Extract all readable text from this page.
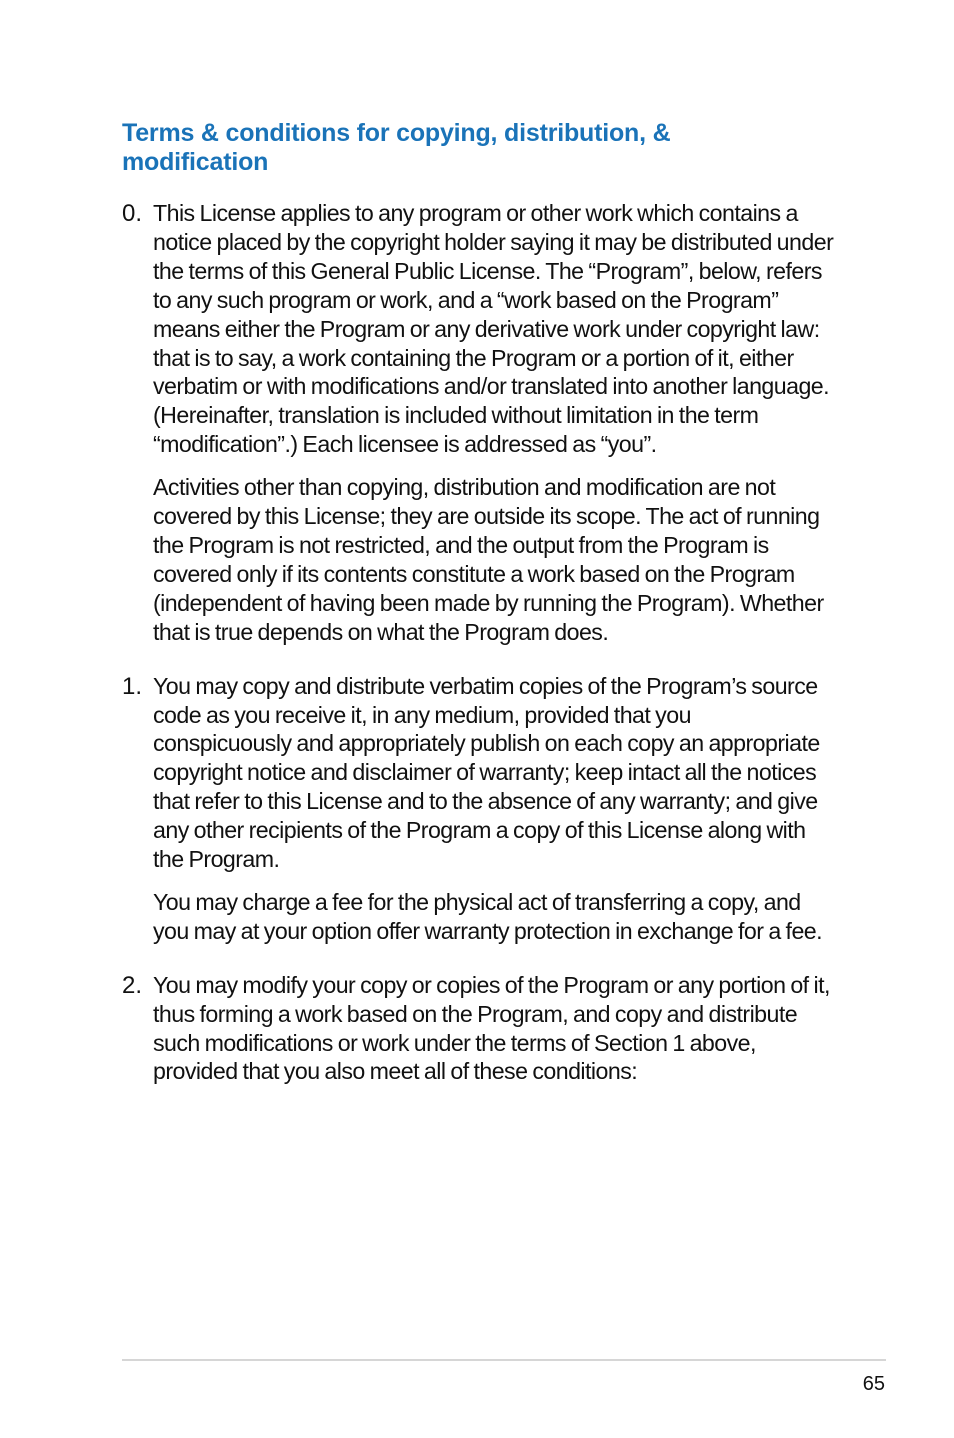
Terms & conditions for copying, distribution, & modification
0. This License applies to any program or other work which contains a notice placed by the copyright holder saying it may be distributed under the terms of this General Public License. The “Program”, below, refers to any such program or work, and a “work based on the Program” means either the Program or any derivative work under copyright law: that is to say, a work containing the Program or a portion of it, either verbatim or with modifications and/or translated into another language. (Hereinafter, translation is included without limitation in the term “modification”.) Each licensee is addressed as “you”.

Activities other than copying, distribution and modification are not covered by this License; they are outside its scope. The act of running the Program is not restricted, and the output from the Program is covered only if its contents constitute a work based on the Program (independent of having been made by running the Program). Whether that is true depends on what the Program does.

1. You may copy and distribute verbatim copies of the Program’s source code as you receive it, in any medium, provided that you conspicuously and appropriately publish on each copy an appropriate copyright notice and disclaimer of warranty; keep intact all the notices that refer to this License and to the absence of any warranty; and give any other recipients of the Program a copy of this License along with the Program.

You may charge a fee for the physical act of transferring a copy, and you may at your option offer warranty protection in exchange for a fee.

2. You may modify your copy or copies of the Program or any portion of it, thus forming a work based on the Program, and copy and distribute such modifications or work under the terms of Section 1 above, provided that you also meet all of these conditions:

65
